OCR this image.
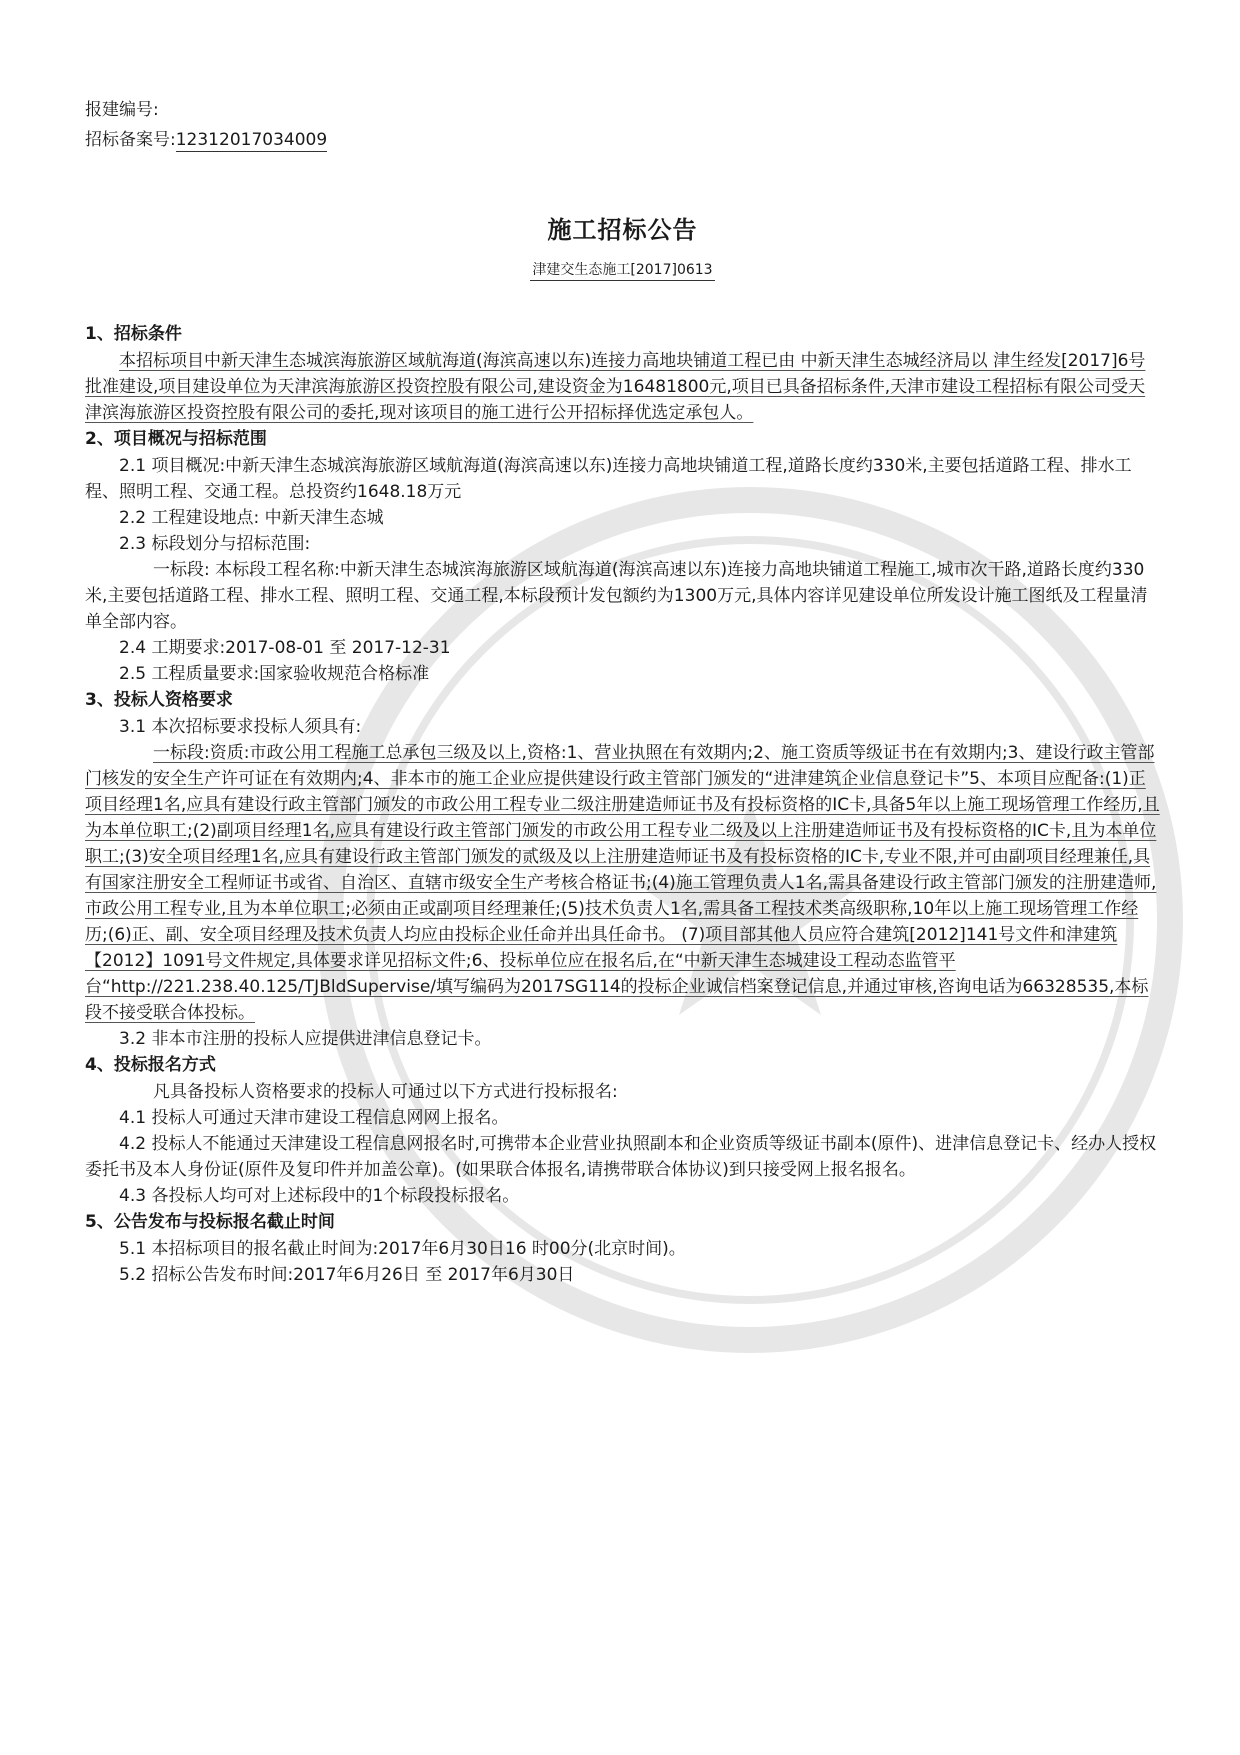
报建编号:
招标备案号:12312017034009
施工招标公告
津建交生态施工[2017]0613
1、招标条件

本招标项目中新天津生态城滨海旅游区域航海道(海滨高速以东)连接力高地块铺道工程已由 中新天津生态城经济局以 津生经发[2017]6号批准建设,项目建设单位为天津滨海旅游区投资控股有限公司,建设资金为16481800元,项目已具备招标条件,天津市建设工程招标有限公司受天津滨海旅游区投资控股有限公司的委托,现对该项目的施工进行公开招标择优选定承包人。

2、项目概况与招标范围

2.1 项目概况:中新天津生态城滨海旅游区域航海道(海滨高速以东)连接力高地块铺道工程,道路长度约330米,主要包括道路工程、排水工程、照明工程、交通工程。总投资约1648.18万元

2.2 工程建设地点: 中新天津生态城

2.3 标段划分与招标范围:

一标段: 本标段工程名称:中新天津生态城滨海旅游区域航海道(海滨高速以东)连接力高地块铺道工程施工,城市次干路,道路长度约330米,主要包括道路工程、排水工程、照明工程、交通工程,本标段预计发包额约为1300万元,具体内容详见建设单位所发设计施工图纸及工程量清单全部内容。

2.4 工期要求:2017-08-01 至 2017-12-31

2.5 工程质量要求:国家验收规范合格标准

3、投标人资格要求

3.1 本次招标要求投标人须具有:

一标段:资质:市政公用工程施工总承包三级及以上,资格:1、营业执照在有效期内;2、施工资质等级证书在有效期内;3、建设行政主管部门核发的安全生产许可证在有效期内;4、非本市的施工企业应提供建设行政主管部门颁发的“进津建筑企业信息登记卡”5、本项目应配备:(1)正项目经理1名,应具有建设行政主管部门颁发的市政公用工程专业二级注册建造师证书及有投标资格的IC卡,具备5年以上施工现场管理工作经历,且为本单位职工;(2)副项目经理1名,应具有建设行政主管部门颁发的市政公用工程专业二级及以上注册建造师证书及有投标资格的IC卡,且为本单位职工;(3)安全项目经理1名,应具有建设行政主管部门颁发的贰级及以上注册建造师证书及有投标资格的IC卡,专业不限,并可由副项目经理兼任,具有国家注册安全工程师证书或省、自治区、直辖市级安全生产考核合格证书;(4)施工管理负责人1名,需具备建设行政主管部门颁发的注册建造师,市政公用工程专业,且为本单位职工;必须由正或副项目经理兼任;(5)技术负责人1名,需具备工程技术类高级职称,10年以上施工现场管理工作经历;(6)正、副、安全项目经理及技术负责人均应由投标企业任命并出具任命书。 (7)项目部其他人员应符合建筑[2012]141号文件和津建筑【2012】1091号文件规定,具体要求详见招标文件;6、投标单位应在报名后,在“中新天津生态城建设工程动态监管平台“http://221.238.40.125/TJBldSupervise/填写编码为2017SG114的投标企业诚信档案登记信息,并通过审核,咨询电话为66328535,本标段不接受联合体投标。

3.2 非本市注册的投标人应提供进津信息登记卡。

4、投标报名方式

凡具备投标人资格要求的投标人可通过以下方式进行投标报名:

4.1 投标人可通过天津市建设工程信息网网上报名。

4.2 投标人不能通过天津建设工程信息网报名时,可携带本企业营业执照副本和企业资质等级证书副本(原件)、进津信息登记卡、经办人授权委托书及本人身份证(原件及复印件并加盖公章)。(如果联合体报名,请携带联合体协议)到只接受网上报名报名。

4.3 各投标人均可对上述标段中的1个标段投标报名。

5、公告发布与投标报名截止时间

5.1 本招标项目的报名截止时间为:2017年6月30日16 时00分(北京时间)。

5.2 招标公告发布时间:2017年6月26日 至 2017年6月30日
